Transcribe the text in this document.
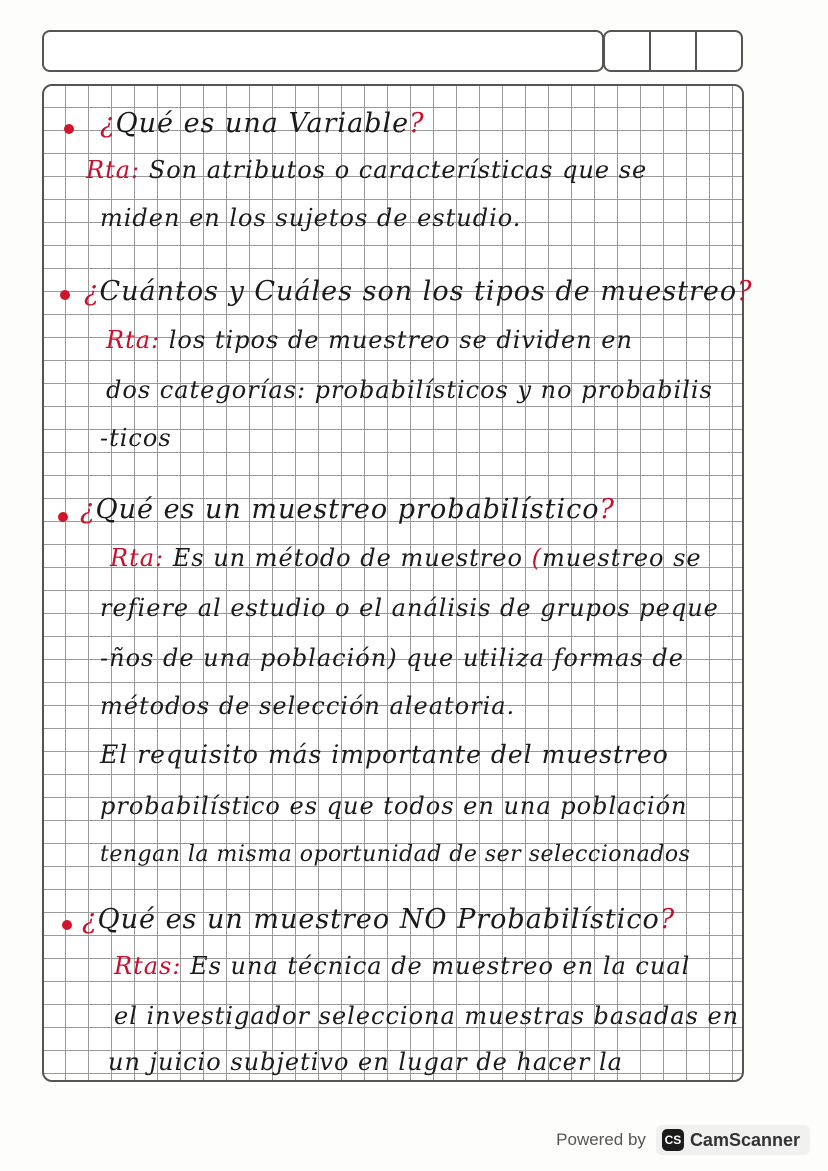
¿Qué es una Variable?
Rta: Son atributos o características que se
miden en los sujetos de estudio.
¿Cuántos y Cuáles son los tipos de muestreo?
Rta: los tipos de muestreo se dividen en
dos categorías: probabilísticos y no probabilis
-ticos
¿Qué es un muestreo probabilístico?
Rta: Es un método de muestreo (muestreo se
refiere al estudio o el análisis de grupos peque
-ños de una población) que utiliza formas de
métodos de selección aleatoria.
El requisito más importante del muestreo
probabilístico es que todos en una población
tengan la misma oportunidad de ser seleccionados
¿Qué es un muestreo NO Probabilístico?
Rtas: Es una técnica de muestreo en la cual
el investigador selecciona muestras basadas en
un juicio subjetivo en lugar de hacer la
Powered by CS CamScanner
